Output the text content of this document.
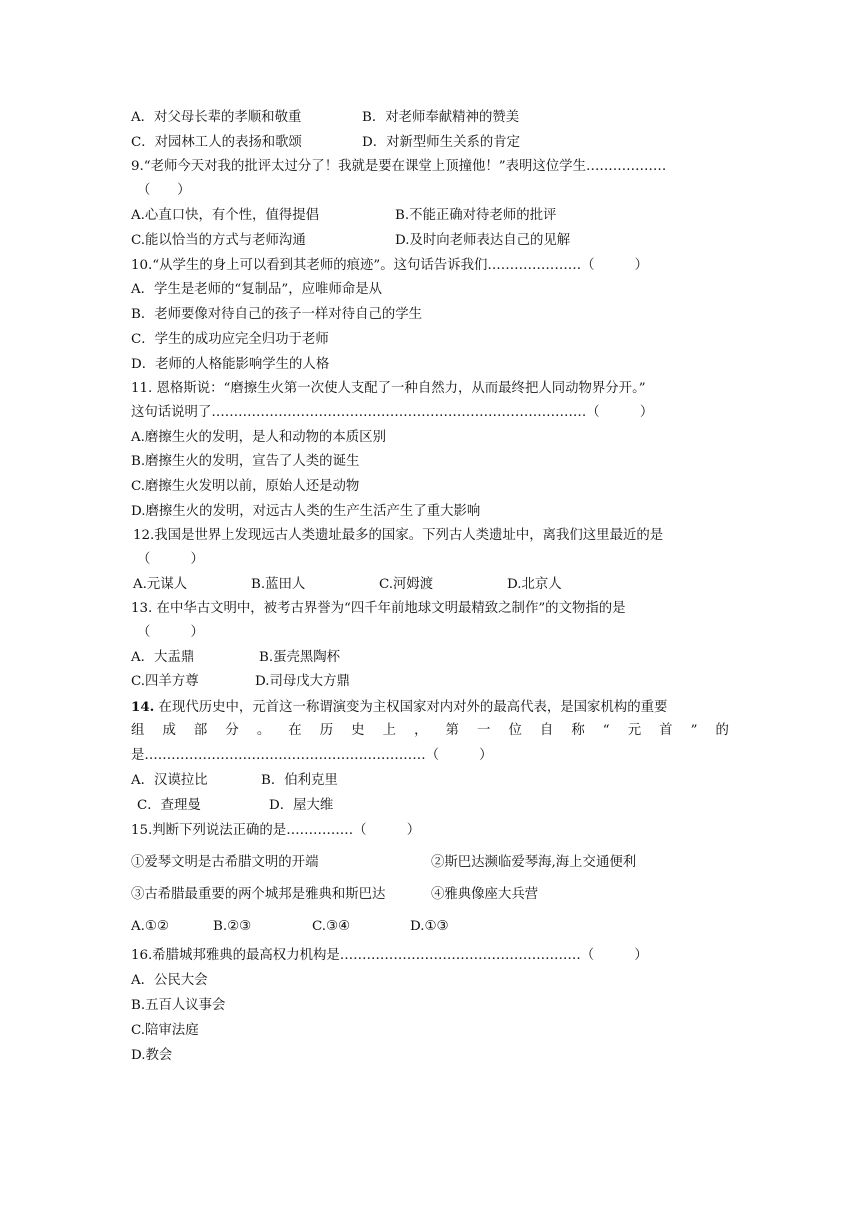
A．对父母长辈的孝顺和敬重	B．对老师奉献精神的赞美
C．对园林工人的表扬和歌颂	D．对新型师生关系的肯定
9.“老师今天对我的批评太过分了！我就是要在课堂上顶撞他！”表明这位学生………………
（　　）
A.心直口快，有个性，值得提倡	B.不能正确对待老师的批评
C.能以恰当的方式与老师沟通	D.及时向老师表达自己的见解
10.“从学生的身上可以看到其老师的痕迹”。这句话告诉我们…………………（　　　）
A．学生是老师的“复制品”，应唯师命是从
B．老师要像对待自己的孩子一样对待自己的学生
C．学生的成功应完全归功于老师
D．老师的人格能影响学生的人格
11. 恩格斯说：“磨擦生火第一次使人支配了一种自然力，从而最终把人同动物界分开。”
这句话说明了…………………………………………………………………………（　　　）
A.磨擦生火的发明，是人和动物的本质区别
B.磨擦生火的发明，宣告了人类的诞生
C.磨擦生火发明以前，原始人还是动物
D.磨擦生火的发明，对远古人类的生产生活产生了重大影响
12.我国是世界上发现远古人类遗址最多的国家。下列古人类遗址中，离我们这里最近的是
（　　　）
A.元谋人	B.蓝田人	C.河姆渡	D.北京人
13. 在中华古文明中，被考古界誉为“四千年前地球文明最精致之制作”的文物指的是
（　　　）
A．大盂鼎	B.蛋壳黑陶杯
C.四羊方尊	D.司母戊大方鼎
14. 在现代历史中，元首这一称谓演变为主权国家对内对外的最高代表，是国家机构的重要
组 成 部 分 。 在 历 史 上 ， 第 一 位 自 称 “ 元 首 ” 的
是………………………………………………………（　　　）
A．汉谟拉比	B．伯利克里
C．查理曼	D．屋大维
15.判断下列说法正确的是……………（　　　）
①爱琴文明是古希腊文明的开端	②斯巴达濒临爱琴海,海上交通便利
③古希腊最重要的两个城邦是雅典和斯巴达	④雅典像座大兵营
A.①②	B.②③	C.③④	D.①③
16.希腊城邦雅典的最高权力机构是………………………………………………（　　　）
A．公民大会
B.五百人议事会
C.陪审法庭
D.教会
